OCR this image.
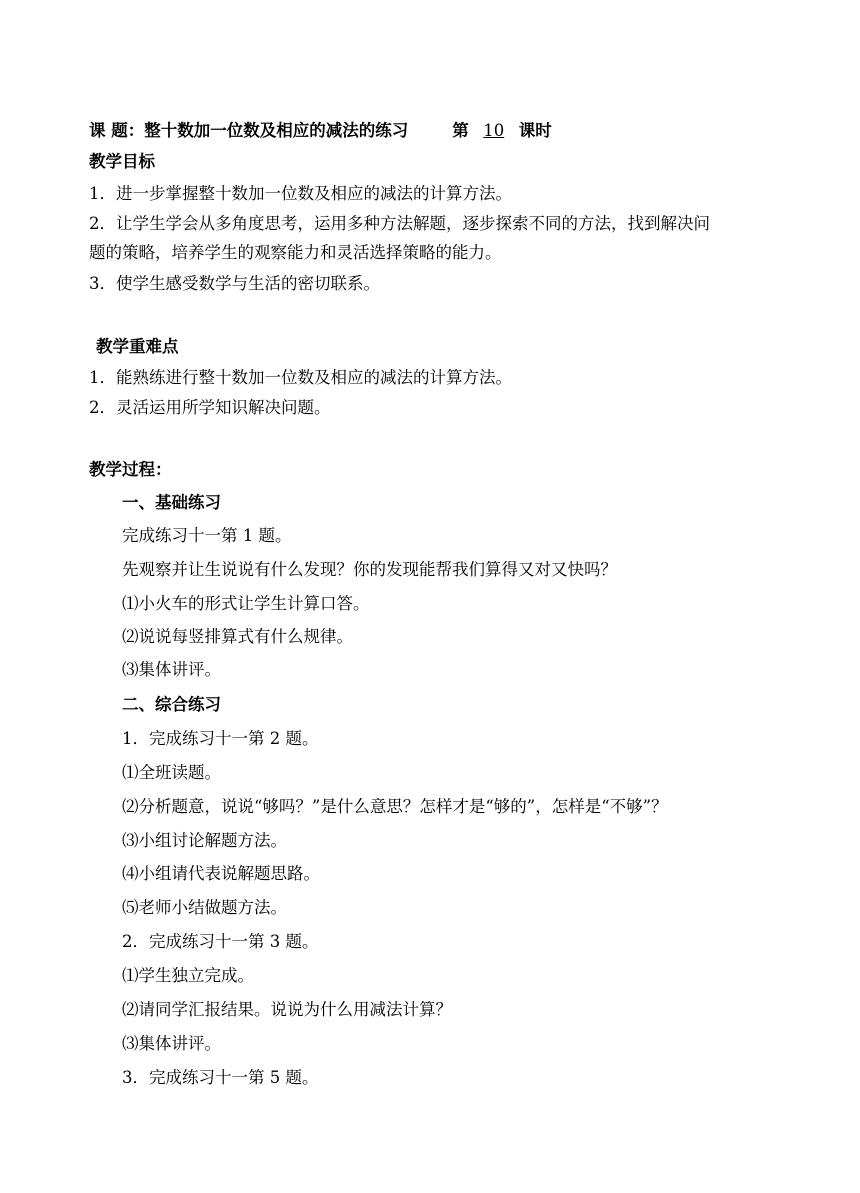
课 题：整十数加一位数及相应的减法的练习	第 10 课时
教学目标
1．进一步掌握整十数加一位数及相应的减法的计算方法。
2．让学生学会从多角度思考，运用多种方法解题，逐步探索不同的方法，找到解决问
题的策略，培养学生的观察能力和灵活选择策略的能力。
3．使学生感受数学与生活的密切联系。
教学重难点
1．能熟练进行整十数加一位数及相应的减法的计算方法。
2．灵活运用所学知识解决问题。
教学过程：
一、基础练习
完成练习十一第 1 题。
先观察并让生说说有什么发现？你的发现能帮我们算得又对又快吗？
⑴小火车的形式让学生计算口答。
⑵说说每竖排算式有什么规律。
⑶集体讲评。
二、综合练习
1．完成练习十一第 2 题。
⑴全班读题。
⑵分析题意，说说“够吗？”是什么意思？怎样才是“够的”，怎样是“不够”？
⑶小组讨论解题方法。
⑷小组请代表说解题思路。
⑸老师小结做题方法。
2．完成练习十一第 3 题。
⑴学生独立完成。
⑵请同学汇报结果。说说为什么用减法计算？
⑶集体讲评。
3．完成练习十一第 5 题。
